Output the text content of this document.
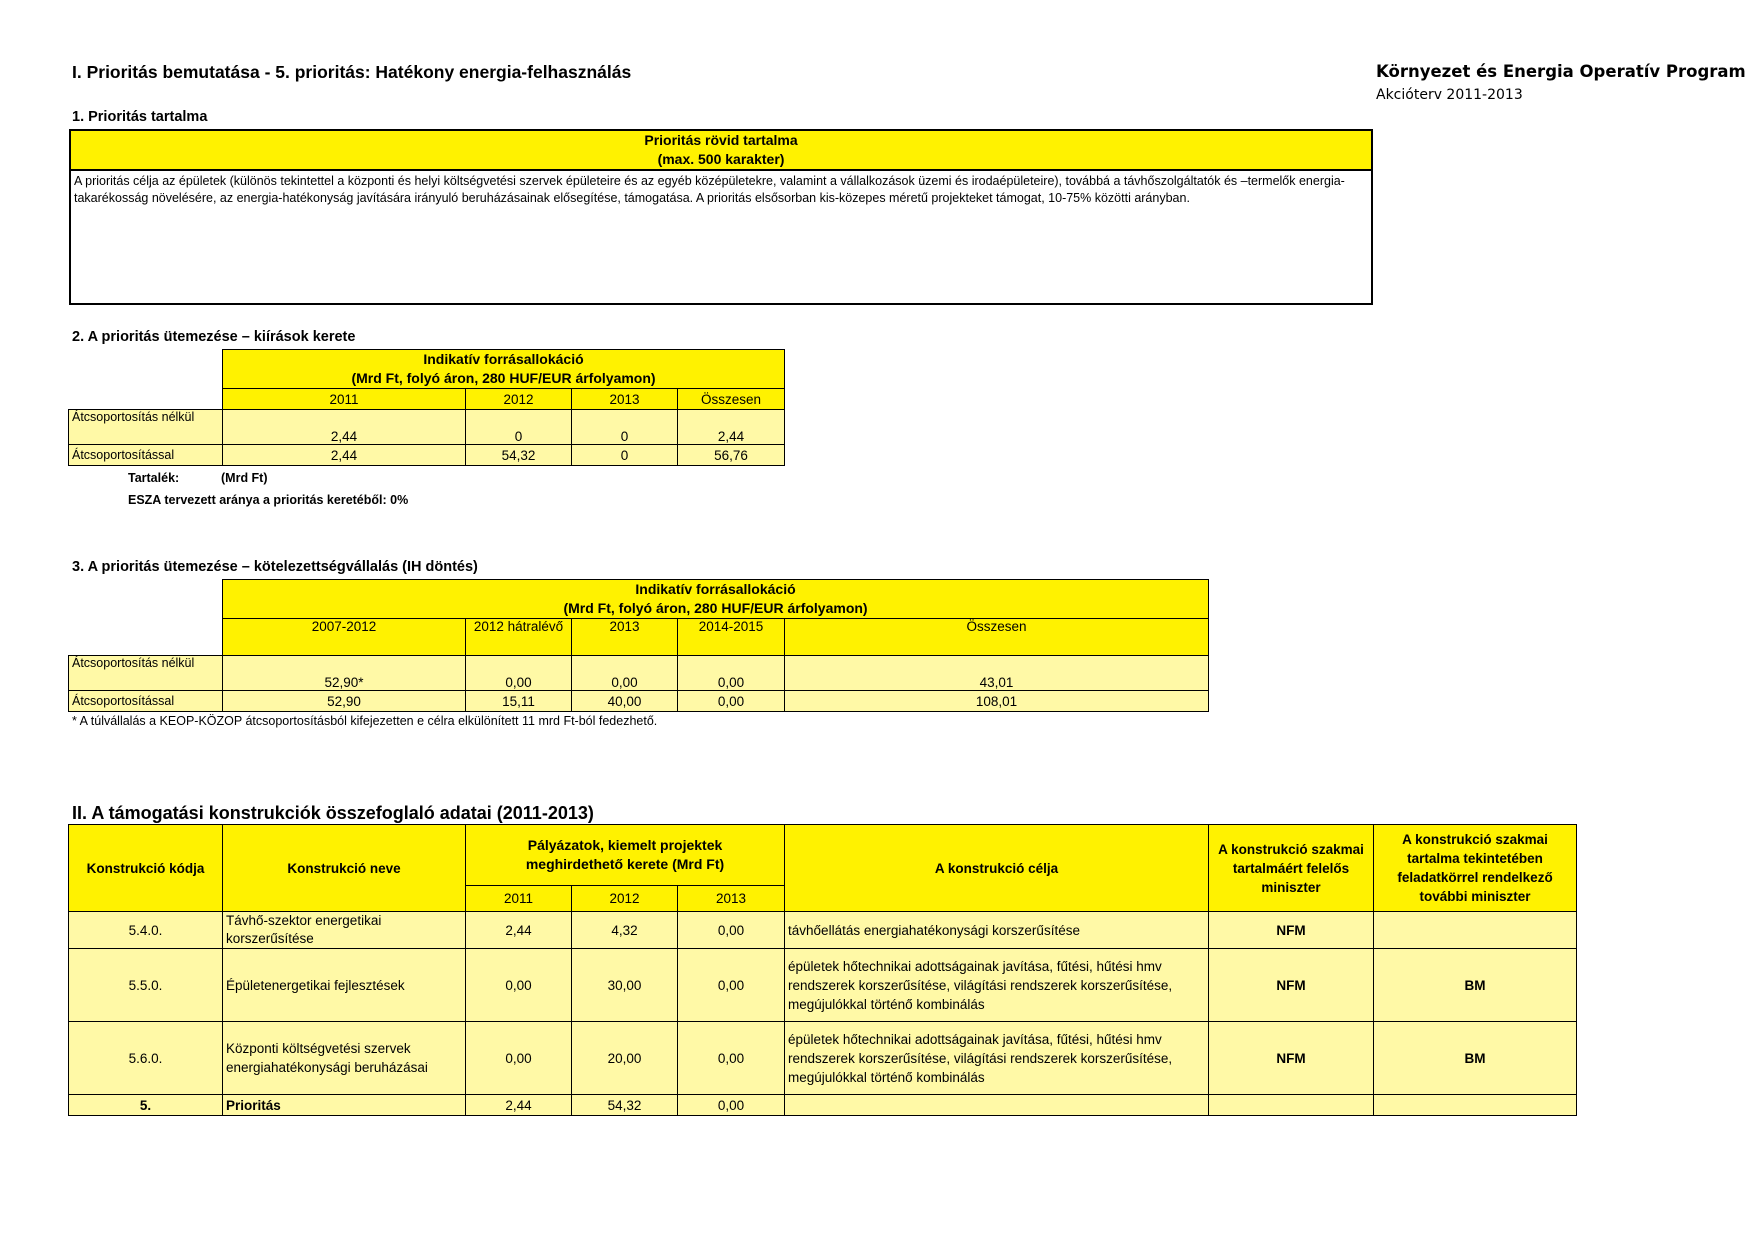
I. Prioritás bemutatása - 5. prioritás: Hatékony energia-felhasználás	Környezet és Energia Operatív Program
Akcióterv 2011-2013
1. Prioritás tartalma
Prioritás rövid tartalma
(max. 500 karakter)

A prioritás célja az épületek (különös tekintettel a központi és helyi költségvetési szervek épületeire és az egyéb középületekre, valamint a vállalkozások üzemi és irodaépületeire), továbbá a távhőszolgáltatók és –termelők energia-takarékosság növelésére, az energia-hatékonyság javítására irányuló beruházásainak elősegítése, támogatása. A prioritás elsősorban kis-közepes méretű projekteket támogat, 10-75% közötti arányban.
2. A prioritás ütemezése – kiírások kerete

	Indikatív forrásallokáció
(Mrd Ft, folyó áron, 280 HUF/EUR árfolyamon)			

	2011	2012	2013	Összesen
Átcsoportosítás nélkül	2,44	0	0	2,44
Átcsoportosítással	2,44	54,32	0	56,76
Tartalék:	(Mrd Ft)
ESZA tervezett aránya a prioritás keretéből: 0%
3. A prioritás ütemezése – kötelezettségvállalás (IH döntés)

	Indikatív forrásallokáció
(Mrd Ft, folyó áron, 280 HUF/EUR árfolyamon)				

	2007-2012	2012 hátralévő	2013	2014-2015	Összesen
Átcsoportosítás nélkül	52,90*	0,00	0,00	0,00	43,01
Átcsoportosítással	52,90	15,11	40,00	0,00	108,01
* A túlvállalás a KEOP-KÖZOP átcsoportosításból kifejezetten e célra elkülönített 11 mrd Ft-ból fedezhető.
II. A támogatási konstrukciók összefoglaló adatai (2011-2013)
Konstrukció kódja	Konstrukció neve	Pályázatok, kiemelt projektek meghirdethető kerete (Mrd Ft)			A konstrukció célja	A konstrukció szakmai tartalmáért felelős miniszter	A konstrukció szakmai tartalma tekintetében feladatkörrel rendelkező további miniszter
		2011	2012	2013			
5.4.0.	Távhő-szektor energetikai korszerűsítése	2,44	4,32	0,00	távhőellátás energiahatékonysági korszerűsítése	NFM	
5.5.0.	Épületenergetikai fejlesztések	0,00	30,00	0,00	épületek hőtechnikai adottságainak javítása, fűtési, hűtési hmv rendszerek korszerűsítése, világítási rendszerek korszerűsítése, megújulókkal történő kombinálás	NFM	BM
5.6.0.	Központi költségvetési szervek energiahatékonysági beruházásai	0,00	20,00	0,00	épületek hőtechnikai adottságainak javítása, fűtési, hűtési hmv rendszerek korszerűsítése, világítási rendszerek korszerűsítése, megújulókkal történő kombinálás	NFM	BM
5.	Prioritás	2,44	54,32	0,00			
